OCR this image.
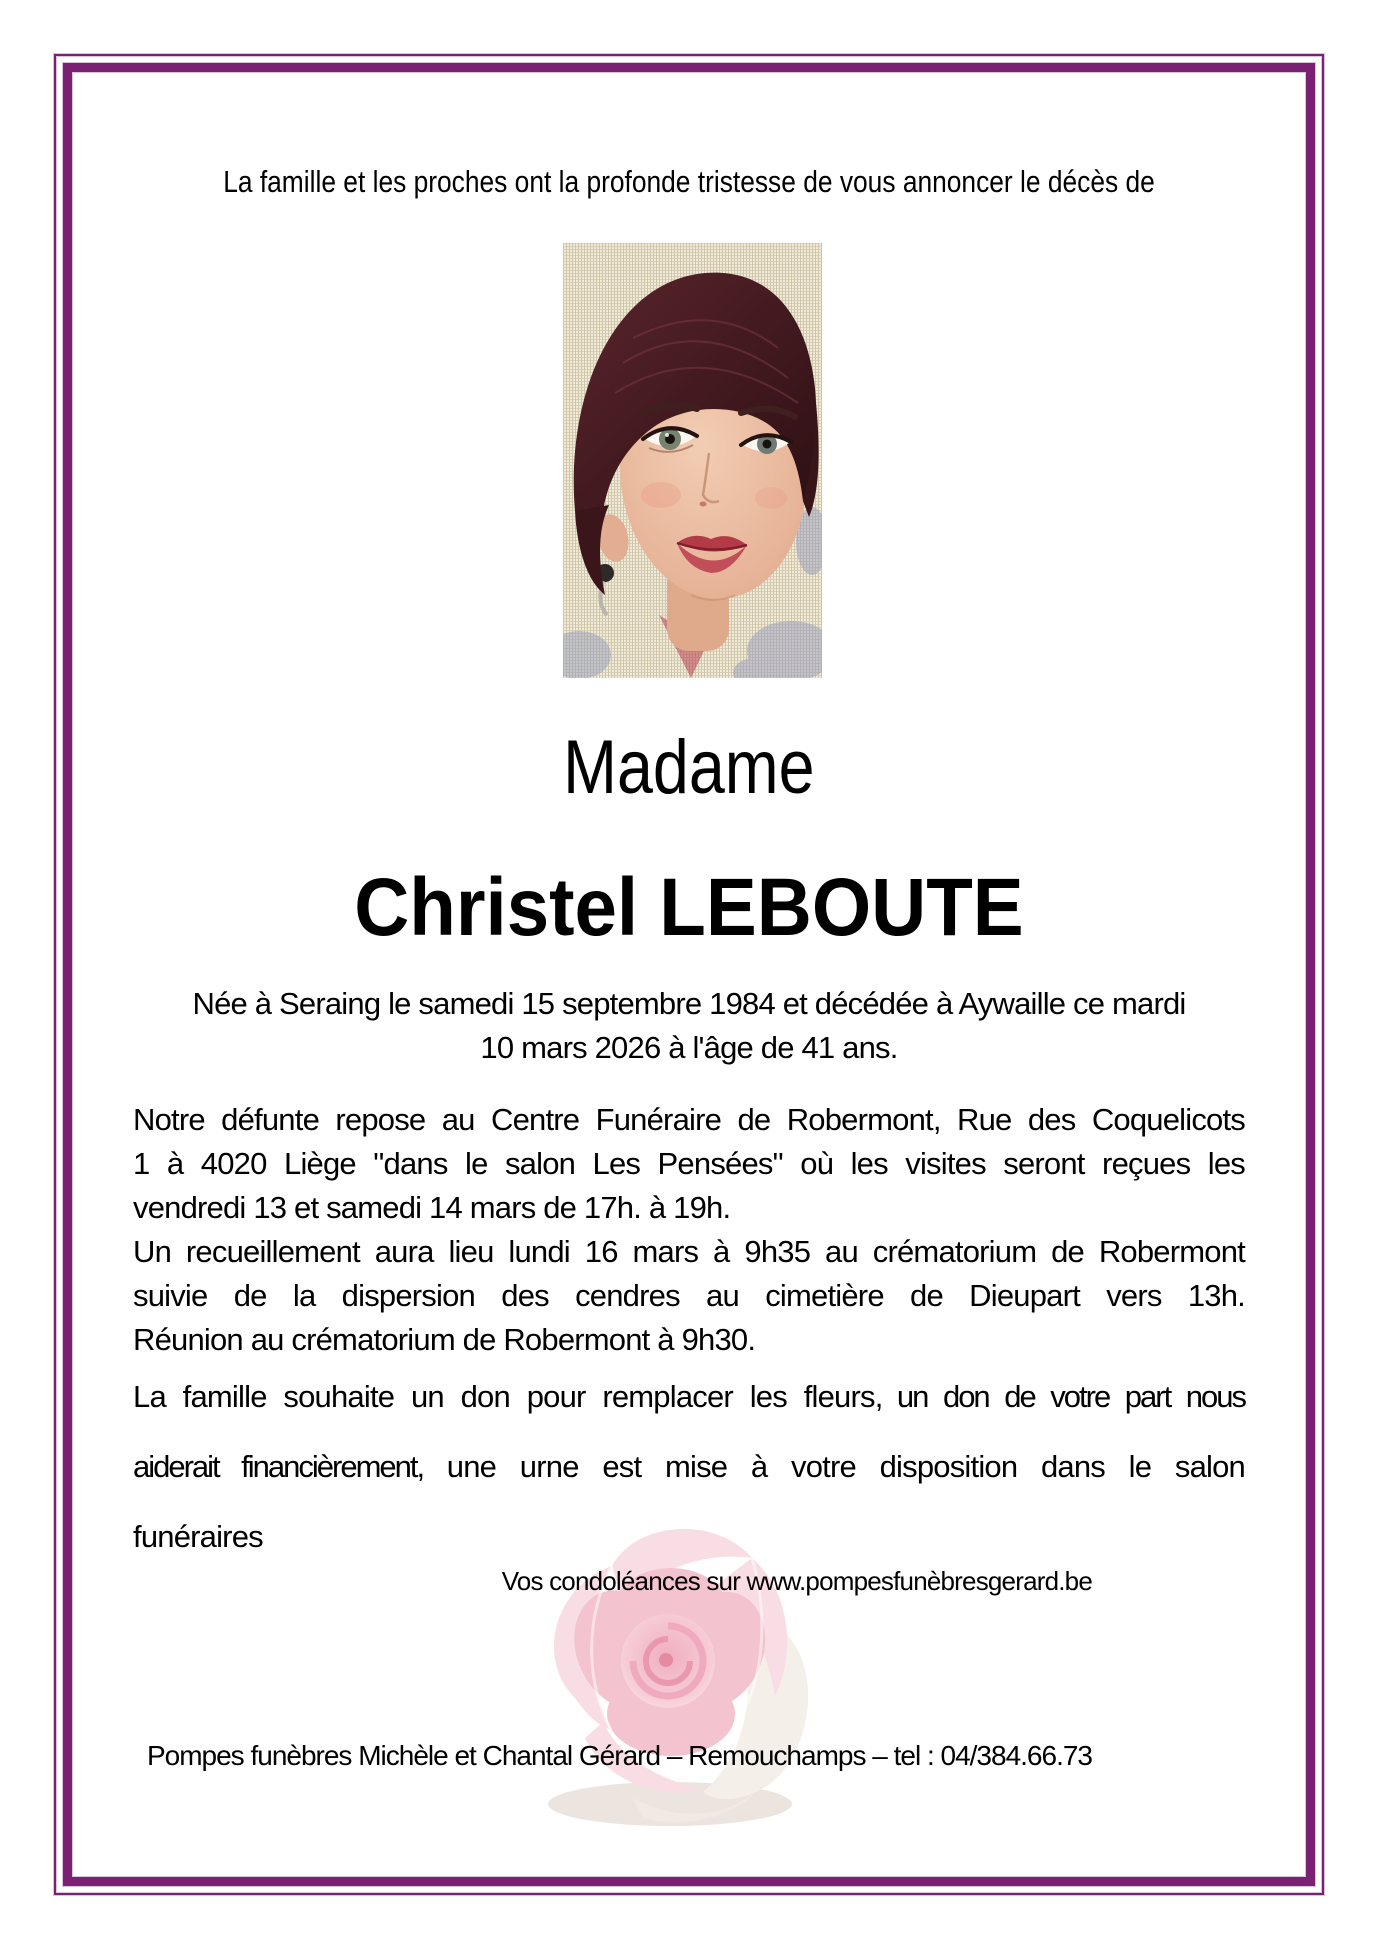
La famille et les proches ont la profonde tristesse de vous annoncer le décès de
Madame
Christel LEBOUTE
Née à Seraing le samedi 15 septembre 1984 et décédée à Aywaille ce mardi
10 mars 2026 à l'âge de 41 ans.
Notre défunte repose au Centre Funéraire de Robermont, Rue des Coquelicots
1 à 4020 Liège "dans le salon Les Pensées" où les visites seront reçues les
vendredi 13 et samedi 14 mars de 17h. à 19h.
Un recueillement aura lieu lundi 16 mars à 9h35 au crématorium de Robermont
suivie de la dispersion des cendres au cimetière de Dieupart vers 13h.
Réunion au crématorium de Robermont à 9h30.
La famille souhaite un don pour remplacer les fleurs, un don de votre part nous
aiderait financièrement, une urne est mise à votre disposition dans le salon
funéraires
Vos condoléances sur www.pompesfunèbresgerard.be
Pompes funèbres Michèle et Chantal Gérard – Remouchamps – tel : 04/384.66.73
